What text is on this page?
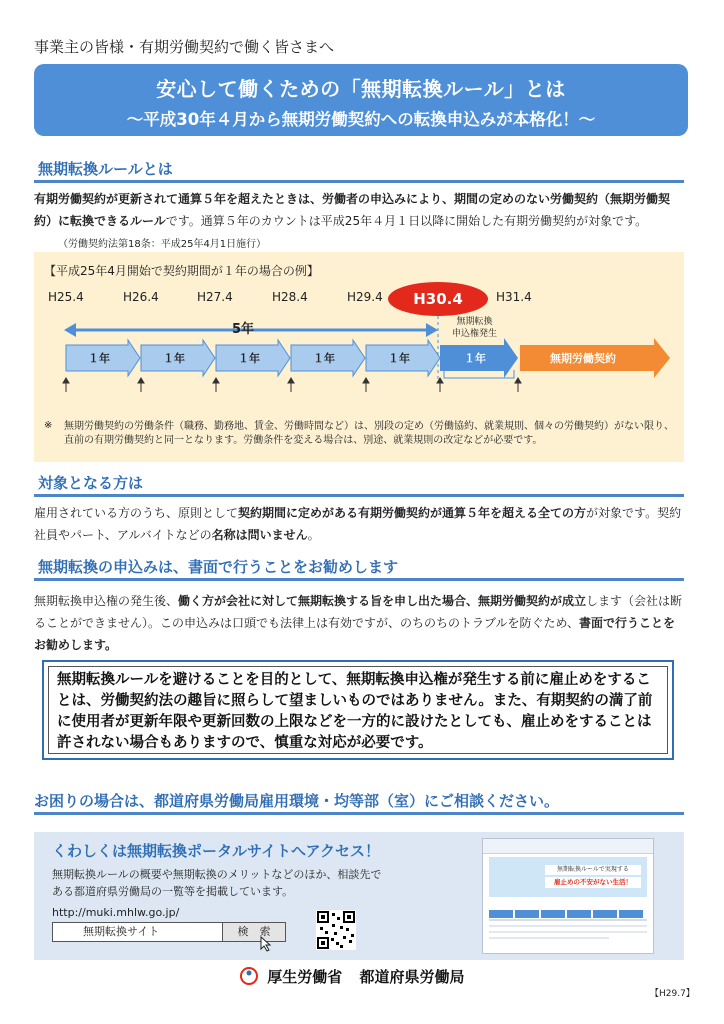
事業主の皆様・有期労働契約で働く皆さまへ
安心して働くための「無期転換ルール」とは
～平成30年４月から無期労働契約への転換申込みが本格化！～
無期転換ルールとは
有期労働契約が更新されて通算５年を超えたときは、労働者の申込みにより、期間の定めのない労働契約（無期労働契約）に転換できるルールです。通算５年のカウントは平成25年４月１日以降に開始した有期労働契約が対象です。 （労働契約法第18条：平成25年4月1日施行）
【平成25年4月開始で契約期間が１年の場合の例】
H25.4	H26.4	H27.4	H28.4	H29.4	H31.4
5年
１年	１年	１年	１年	１年	１年	無期労働契約
無期転換
申込権発生
※ 無期労働契約の労働条件（職務、勤務地、賃金、労働時間など）は、別段の定め（労働協約、就業規則、個々の労働契約）がない限り、直前の有期労働契約と同一となります。労働条件を変える場合は、別途、就業規則の改定などが必要です。
H30.4
対象となる方は
雇用されている方のうち、原則として契約期間に定めがある有期労働契約が通算５年を超える全ての方が対象です。契約社員やパート、アルバイトなどの名称は問いません。
無期転換の申込みは、書面で行うことをお勧めします
無期転換申込権の発生後、働く方が会社に対して無期転換する旨を申し出た場合、無期労働契約が成立します（会社は断ることができません）。この申込みは口頭でも法律上は有効ですが、のちのちのトラブルを防ぐため、書面で行うことをお勧めします。
無期転換ルールを避けることを目的として、無期転換申込権が発生する前に雇止めをすることは、労働契約法の趣旨に照らして望ましいものではありません。また、有期契約の満了前に使用者が更新年限や更新回数の上限などを一方的に設けたとしても、雇止めをすることは許されない場合もありますので、慎重な対応が必要です。
お困りの場合は、都道府県労働局雇用環境・均等部（室）にご相談ください。
くわしくは無期転換ポータルサイトへアクセス！
無期転換ルールの概要や無期転換のメリットなどのほか、相談先である都道府県労働局の一覧等を掲載しています。
http://muki.mhlw.go.jp/
無期転換サイト	検　索
無期転換ルールで実現する
雇止めの不安がない生活！
厚生労働省 都道府県労働局
【H29.7】
